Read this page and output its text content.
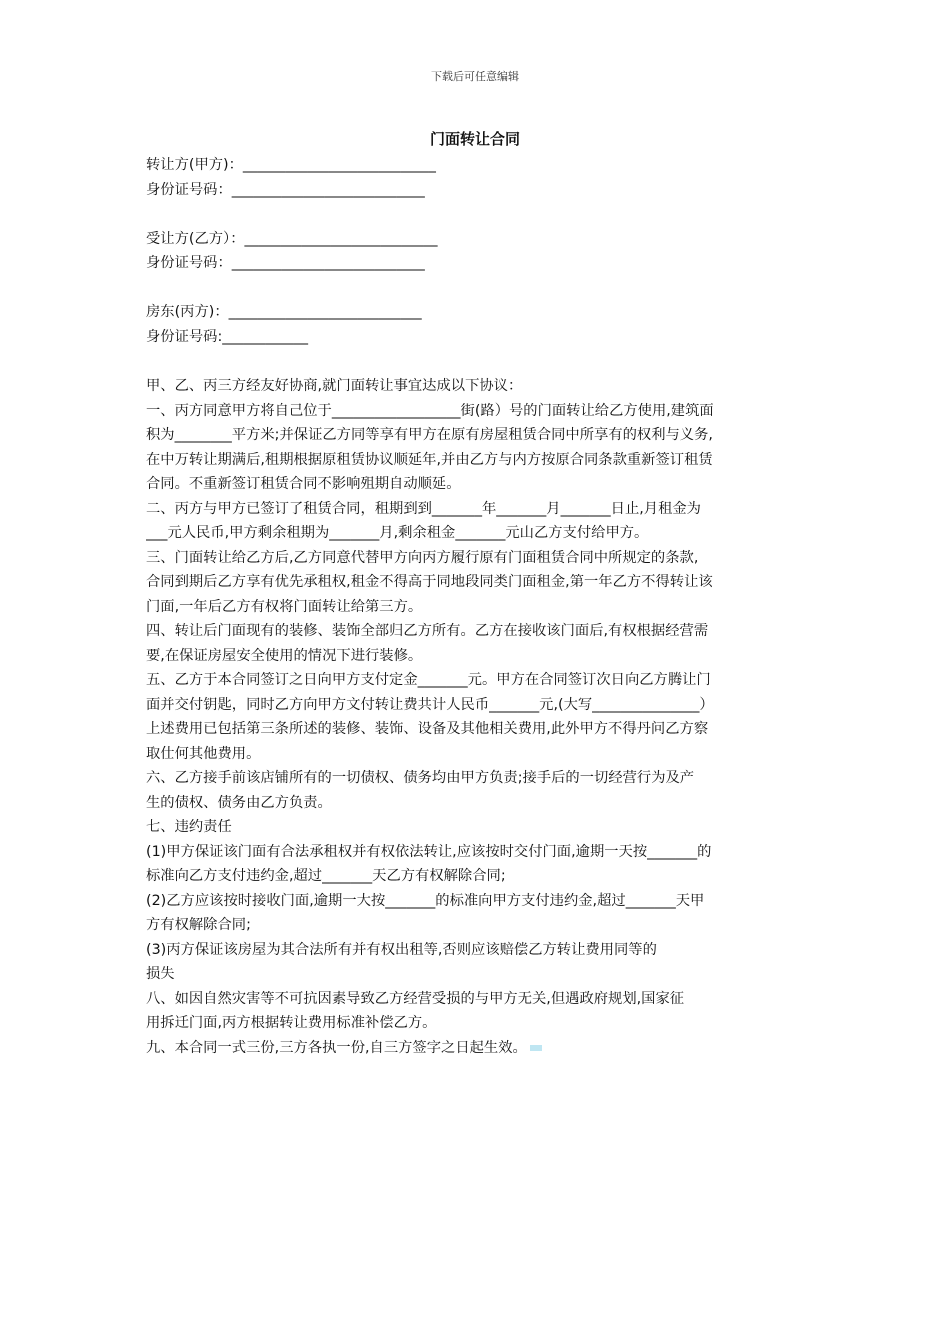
下载后可任意编辑
门面转让合同
转让方(甲方)：___________________________
身份证号码：___________________________
受让方(乙方）：___________________________
身份证号码：___________________________
房东(丙方)：___________________________
身份证号码:____________
甲、乙、丙三方经友好协商,就门面转让事宜达成以下协议：
一、丙方同意甲方将自己位于__________________街(路）号的门面转让给乙方使用,建筑面
积为________平方米;并保证乙方同等享有甲方在原有房屋租赁合同中所享有的权利与义务,
在中万转让期满后,租期根据原租赁协议顺延年,并由乙方与内方按原合同条款重新签订租赁
合同。不重新签订租赁合同不影响殂期自动顺延。
二、丙方与甲方已签订了租赁合同，租期到到_______年_______月_______日止,月租金为
___元人民币,甲方剩余租期为_______月,剩余租金_______元山乙方支付给甲方。
三、门面转让给乙方后,乙方同意代替甲方向丙方履行原有门面租赁合同中所规定的条款,
合同到期后乙方享有优先承租权,租金不得高于同地段同类门面租金,第一年乙方不得转让该
门面,一年后乙方有权将门面转让给第三方。
四、转让后门面现有的装修、装饰全部归乙方所有。乙方在接收该门面后,有权根据经营需
要,在保证房屋安全使用的情况下进行装修。
五、乙方于本合同签订之日向甲方支付定金_______元。甲方在合同签订次日向乙方腾让门
面并交付钥匙，同时乙方向甲方文付转让费共计人民币_______元,(大写_______________）
上述费用已包括第三条所述的装修、装饰、设备及其他相关费用,此外甲方不得丹问乙方察
取仕何其他费用。
六、乙方接手前该店铺所有的一切债权、债务均由甲方负责;接手后的一切经营行为及产
生的债权、债务由乙方负责。
七、违约责任
(1)甲方保证该门面有合法承租权并有权依法转让,应该按时交付门面,逾期一天按_______的
标准向乙方支付违约金,超过_______天乙方有权解除合同;
(2)乙方应该按时接收门面,逾期一大按_______的标准向甲方支付违约金,超过_______天甲
方有权解除合同;
(3)丙方保证该房屋为其合法所有并有权出租等,否则应该赔偿乙方转让费用同等的
损失
八、如因自然灾害等不可抗因素导致乙方经营受损的与甲方无关,但遇政府规划,国家征
用拆迁门面,丙方根据转让费用标准补偿乙方。
九、本合同一式三份,三方各执一份,自三方签字之日起生效。
